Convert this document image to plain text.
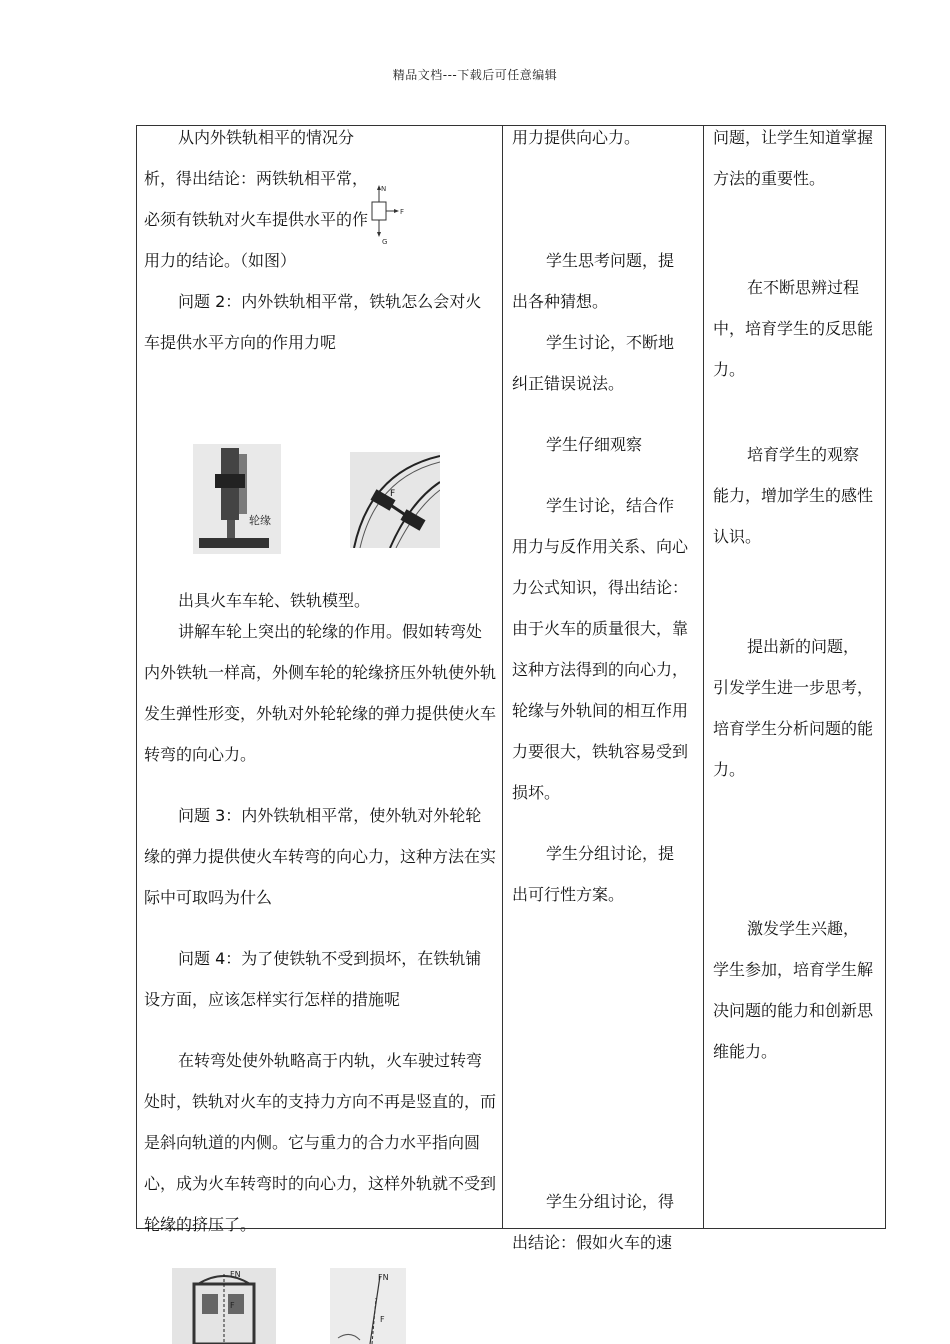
精品文档---下载后可任意编辑

从内外铁轨相平的情况分析，得出结论：两铁轨相平常，必须有铁轨对火车提供水平的作用力的结论。（如图）

问题 2：内外铁轨相平常，铁轨怎么会对火车提供水平方向的作用力呢

出具火车车轮、铁轨模型。

讲解车轮上突出的轮缘的作用。假如转弯处内外铁轨一样高，外侧车轮的轮缘挤压外轨使外轨发生弹性形变，外轨对外轮轮缘的弹力提供使火车转弯的向心力。

问题 3：内外铁轨相平常，使外轨对外轮轮缘的弹力提供使火车转弯的向心力，这种方法在实际中可取吗为什么

问题 4：为了使铁轨不受到损坏，在铁轨铺设方面，应该怎样实行怎样的措施呢

在转弯处使外轨略高于内轨，火车驶过转弯处时，铁轨对火车的支持力方向不再是竖直的，而是斜向轨道的内侧。它与重力的合力水平指向圆心，成为火车转弯时的向心力，这样外轨就不受到轮缘的挤压了。

用力提供向心力。

学生思考问题，提出各种猜想。

学生讨论，不断地纠正错误说法。

学生仔细观察

学生讨论，结合作用力与反作用关系、向心力公式知识，得出结论：由于火车的质量很大，靠这种方法得到的向心力，轮缘与外轨间的相互作用力要很大，铁轨容易受到损坏。

学生分组讨论，提出可行性方案。

学生分组讨论，得出结论：假如火车的速

问题，让学生知道掌握方法的重要性。

在不断思辨过程中，培育学生的反思能力。

培育学生的观察能力，增加学生的感性认识。

提出新的问题，引发学生进一步思考，培育学生分析问题的能力。

激发学生兴趣，学生参加，培育学生解决问题的能力和创新思维能力。

N
F
G
轮缘
F
FN
F
FN
F
